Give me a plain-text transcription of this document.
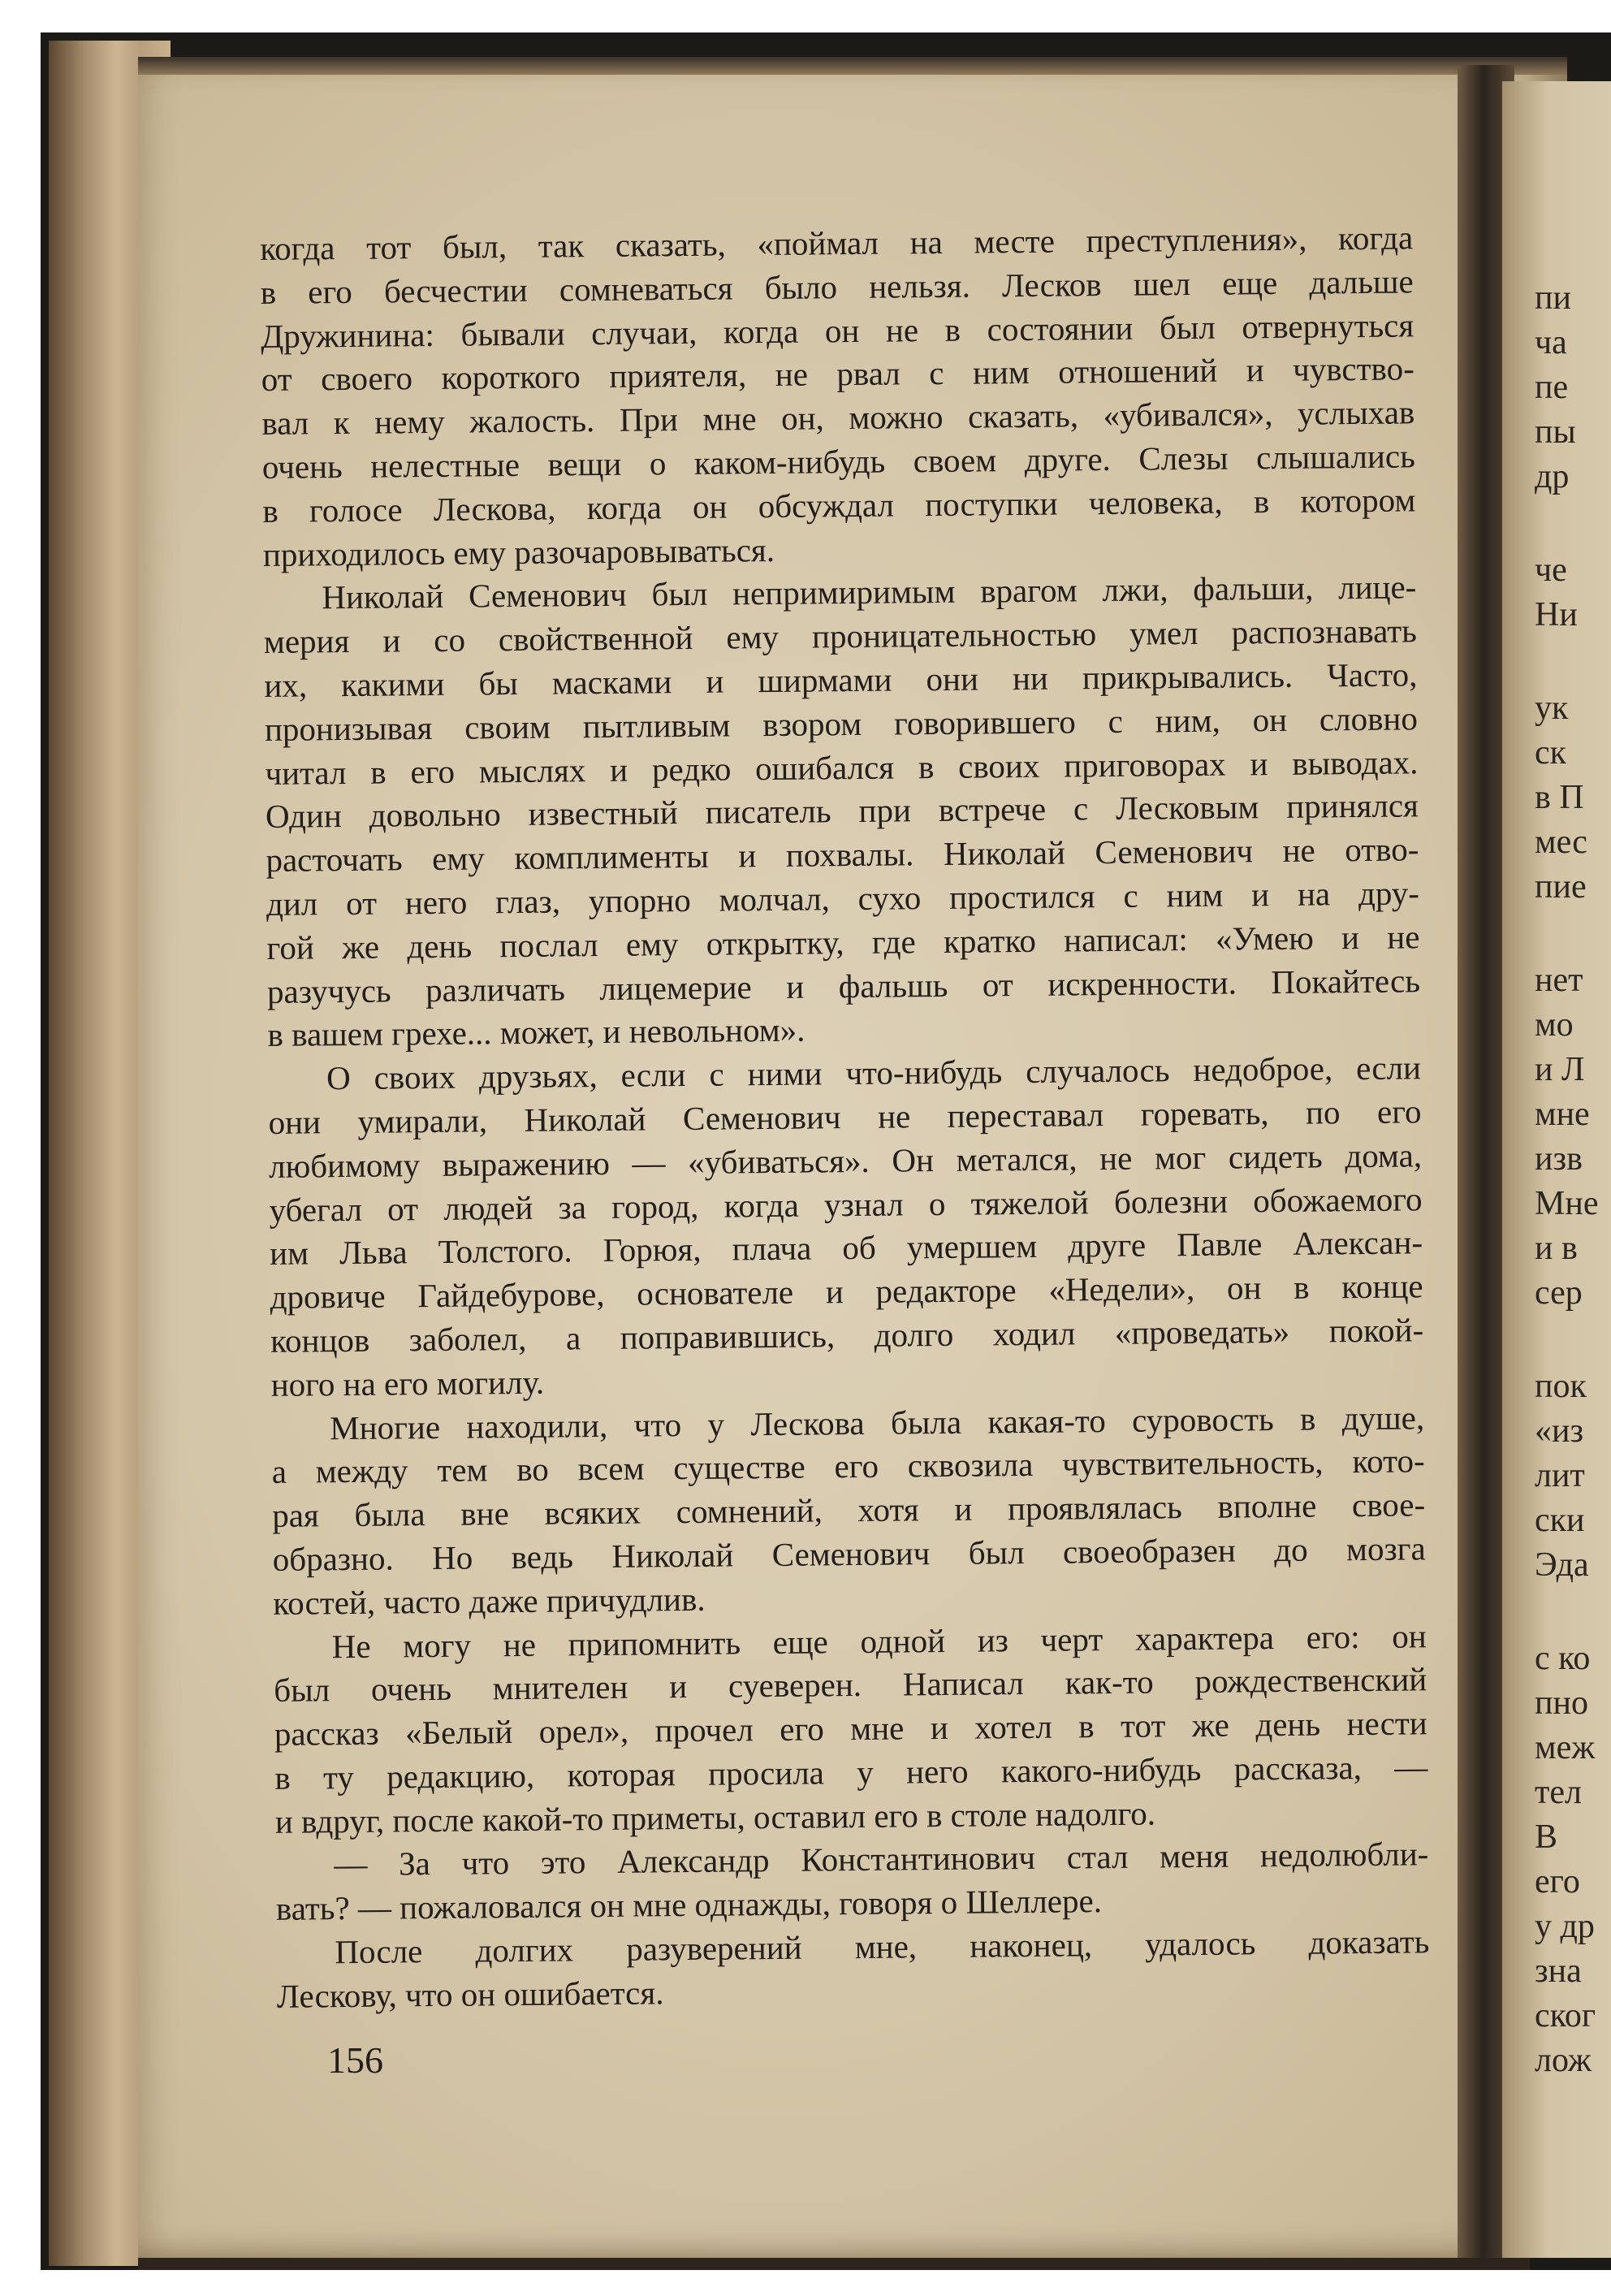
пи
ча
пе
пы
др
че
Ни
ук
ск
в П
мес
пие
нет
мо
и Л
мне
изв
Мне
и в
сер
пок
«из
лит
ски
Эда
с ко
пно
меж
тел
В
его
у др
зна
ског
лож
когда тот был, так сказать, «поймал на месте преступления», когда
в его бесчестии сомневаться было нельзя. Лесков шел еще дальше
Дружинина: бывали случаи, когда он не в состоянии был отвернуться
от своего короткого приятеля, не рвал с ним отношений и чувство-
вал к нему жалость. При мне он, можно сказать, «убивался», услыхав
очень нелестные вещи о каком-нибудь своем друге. Слезы слышались
в голосе Лескова, когда он обсуждал поступки человека, в котором
приходилось ему разочаровываться.
Николай Семенович был непримиримым врагом лжи, фальши, лице-
мерия и со свойственной ему проницательностью умел распознавать
их, какими бы масками и ширмами они ни прикрывались. Часто,
пронизывая своим пытливым взором говорившего с ним, он словно
читал в его мыслях и редко ошибался в своих приговорах и выводах.
Один довольно известный писатель при встрече с Лесковым принялся
расточать ему комплименты и похвалы. Николай Семенович не отво-
дил от него глаз, упорно молчал, сухо простился с ним и на дру-
гой же день послал ему открытку, где кратко написал: «Умею и не
разучусь различать лицемерие и фальшь от искренности. Покайтесь
в вашем грехе... может, и невольном».
О своих друзьях, если с ними что-нибудь случалось недоброе, если
они умирали, Николай Семенович не переставал горевать, по его
любимому выражению — «убиваться». Он метался, не мог сидеть дома,
убегал от людей за город, когда узнал о тяжелой болезни обожаемого
им Льва Толстого. Горюя, плача об умершем друге Павле Алексан-
дровиче Гайдебурове, основателе и редакторе «Недели», он в конце
концов заболел, а поправившись, долго ходил «проведать» покой-
ного на его могилу.
Многие находили, что у Лескова была какая-то суровость в душе,
а между тем во всем существе его сквозила чувствительность, кото-
рая была вне всяких сомнений, хотя и проявлялась вполне свое-
образно. Но ведь Николай Семенович был своеобразен до мозга
костей, часто даже причудлив.
Не могу не припомнить еще одной из черт характера его: он
был очень мнителен и суеверен. Написал как-то рождественский
рассказ «Белый орел», прочел его мне и хотел в тот же день нести
в ту редакцию, которая просила у него какого-нибудь рассказа, —
и вдруг, после какой-то приметы, оставил его в столе надолго.
— За что это Александр Константинович стал меня недолюбли-
вать? — пожаловался он мне однажды, говоря о Шеллере.
После долгих разуверений мне, наконец, удалось доказать
Лескову, что он ошибается.
156
